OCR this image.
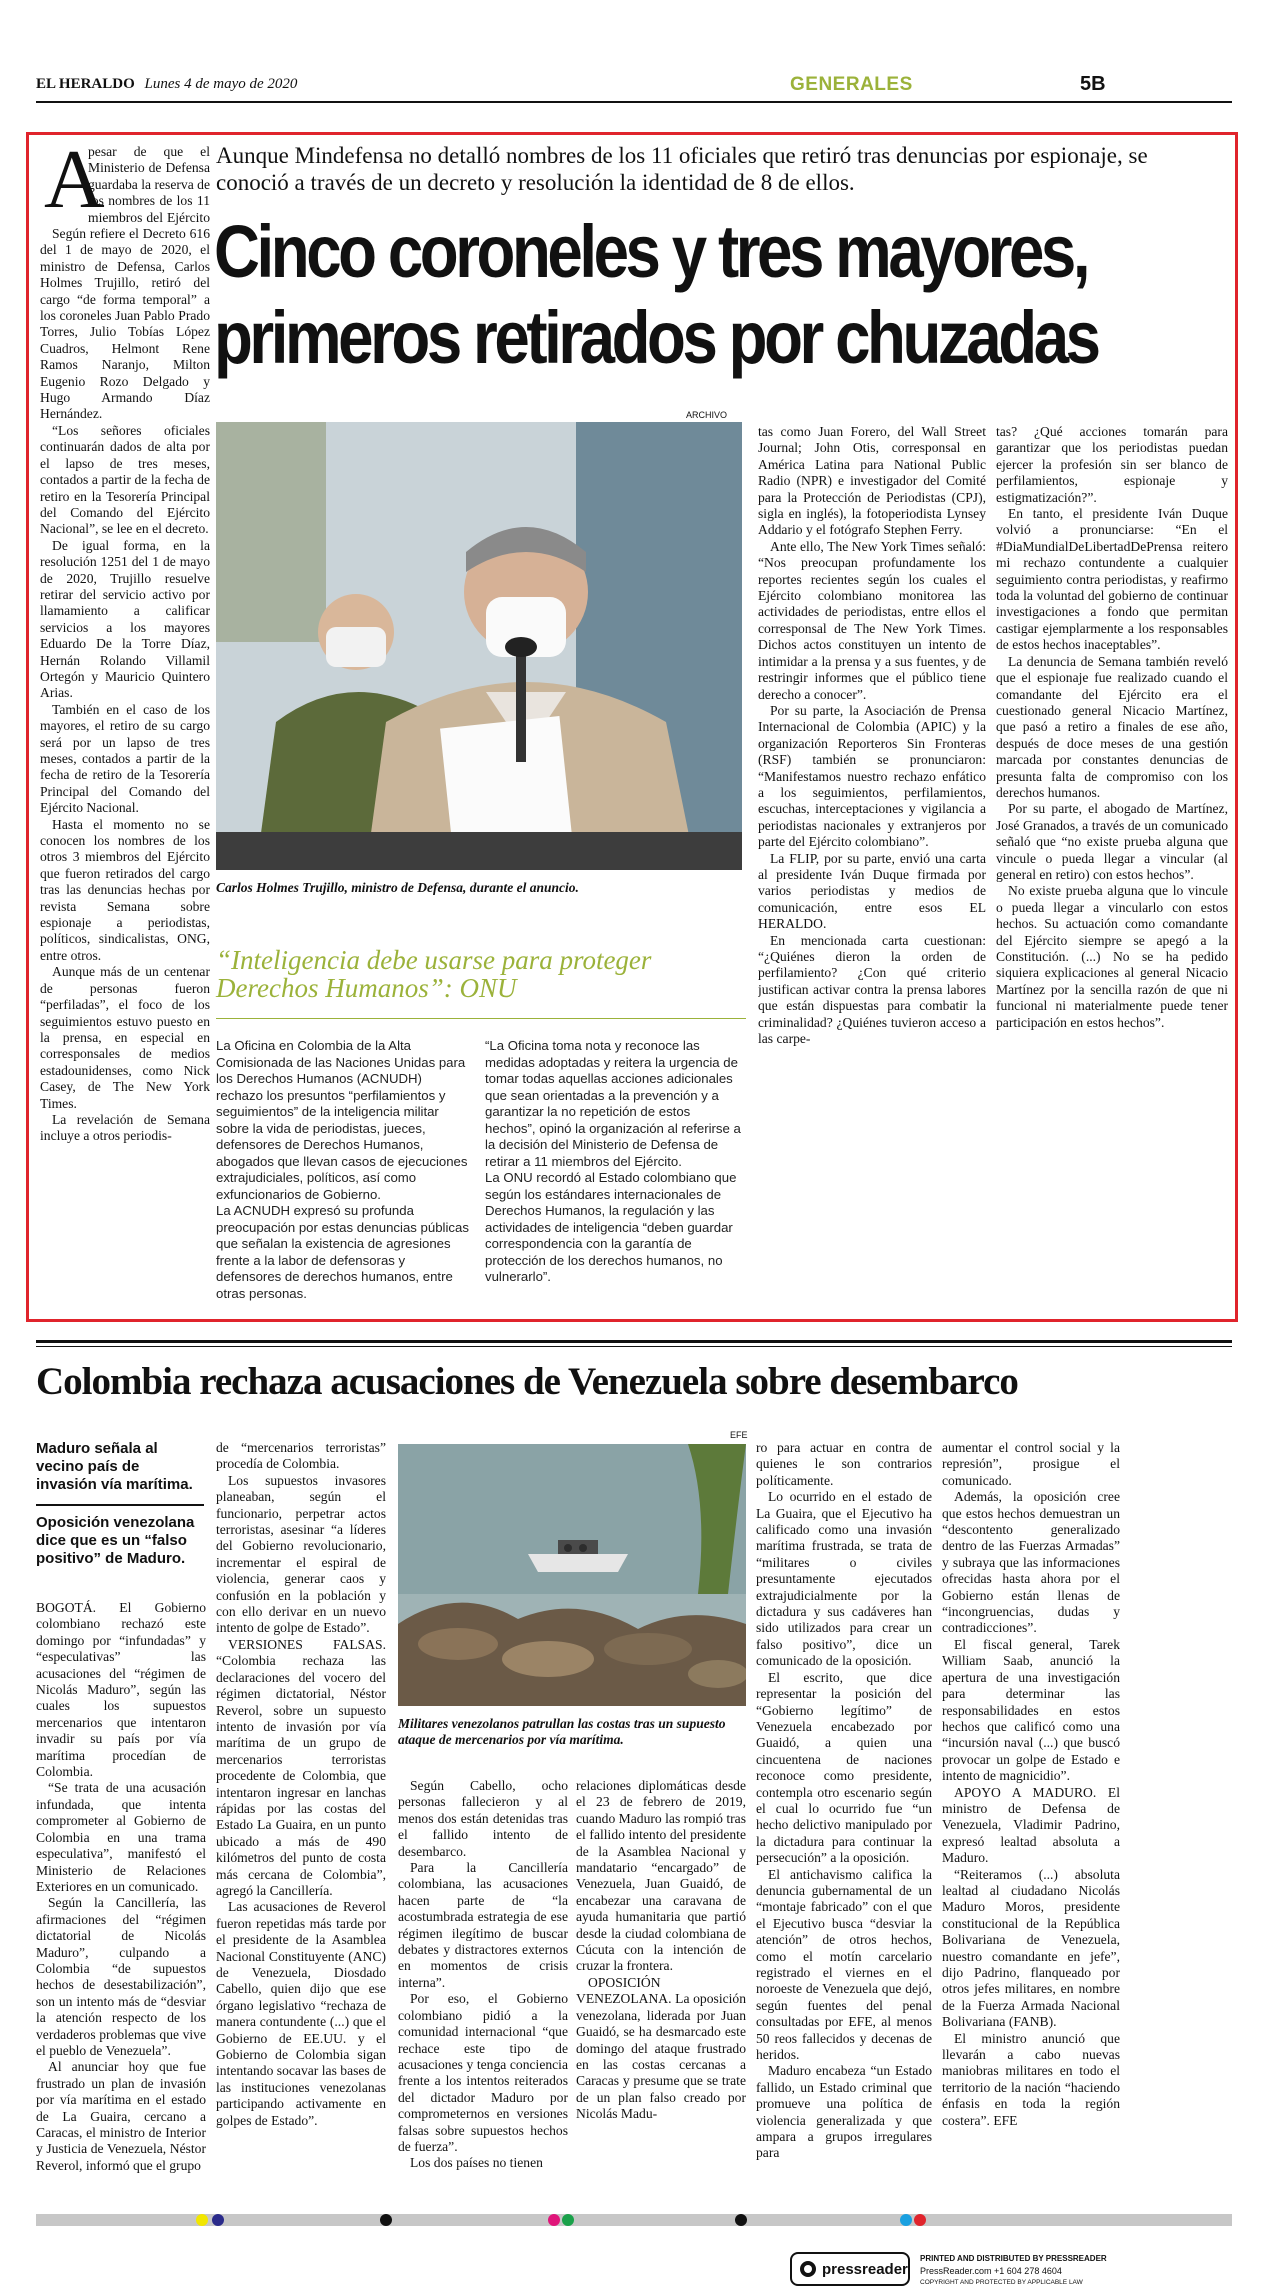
EL HERALDO Lunes 4 de mayo de 2020	GENERALES	5B
A

pesar de que el Ministerio de Defensa guardaba la reserva de los nombres de los 11 miembros del Ejército

Según refiere el Decreto 616 del 1 de mayo de 2020, el ministro de Defensa, Carlos Holmes Trujillo, retiró del cargo “de forma temporal” a los coroneles Juan Pablo Prado Torres, Julio Tobías López Cuadros, Helmont Rene Ramos Naranjo, Milton Eugenio Rozo Delgado y Hugo Armando Díaz Hernández.

“Los señores oficiales continuarán dados de alta por el lapso de tres meses, contados a partir de la fecha de retiro en la Tesorería Principal del Comando del Ejército Nacional”, se lee en el decreto.

De igual forma, en la resolución 1251 del 1 de mayo de 2020, Trujillo resuelve retirar del servicio activo por llamamiento a calificar servicios a los mayores Eduardo De la Torre Díaz, Hernán Rolando Villamil Ortegón y Mauricio Quintero Arias.

También en el caso de los mayores, el retiro de su cargo será por un lapso de tres meses, contados a partir de la fecha de retiro de la Tesorería Principal del Comando del Ejército Nacional.

Hasta el momento no se conocen los nombres de los otros 3 miembros del Ejército que fueron retirados del cargo tras las denuncias hechas por revista Semana sobre espionaje a periodistas, políticos, sindicalistas, ONG, entre otros.

Aunque más de un centenar de personas fueron “perfiladas”, el foco de los seguimientos estuvo puesto en la prensa, en especial en corresponsales de medios estadounidenses, como Nick Casey, de The New York Times.

La revelación de Semana incluye a otros periodis-

Aunque Mindefensa no detalló nombres de los 11 oficiales que retiró tras denuncias por espionaje, se conoció a través de un decreto y resolución la identidad de 8 de ellos.
Cinco coroneles y tres mayores,
primeros retirados por chuzadas
ARCHIVO
Carlos Holmes Trujillo, ministro de Defensa, durante el anuncio.
“Inteligencia debe usarse para proteger Derechos Humanos”: ONU

La Oficina en Colombia de la Alta Comisionada de las Naciones Unidas para los Derechos Humanos (ACNUDH) rechazo los presuntos “perfilamientos y seguimientos” de la inteligencia militar sobre la vida de periodistas, jueces, defensores de Derechos Humanos, abogados que llevan casos de ejecuciones extrajudiciales, políticos, así como exfuncionarios de Gobierno.

La ACNUDH expresó su profunda preocupación por estas denuncias públicas que señalan la existencia de agresiones frente a la labor de defensoras y defensores de derechos humanos, entre otras personas.

“La Oficina toma nota y reconoce las medidas adoptadas y reitera la urgencia de tomar todas aquellas acciones adicionales que sean orientadas a la prevención y a garantizar la no repetición de estos hechos”, opinó la organización al referirse a la decisión del Ministerio de Defensa de retirar a 11 miembros del Ejército.

La ONU recordó al Estado colombiano que según los estándares internacionales de Derechos Humanos, la regulación y las actividades de inteligencia “deben guardar correspondencia con la garantía de protección de los derechos humanos, no vulnerarlo”.

tas como Juan Forero, del Wall Street Journal; John Otis, corresponsal en América Latina para National Public Radio (NPR) e investigador del Comité para la Protección de Periodistas (CPJ), sigla en inglés), la fotoperiodista Lynsey Addario y el fotógrafo Stephen Ferry.

Ante ello, The New York Times señaló: “Nos preocupan profundamente los reportes recientes según los cuales el Ejército colombiano monitorea las actividades de periodistas, entre ellos el corresponsal de The New York Times. Dichos actos constituyen un intento de intimidar a la prensa y a sus fuentes, y de restringir informes que el público tiene derecho a conocer”.

Por su parte, la Asociación de Prensa Internacional de Colombia (APIC) y la organización Reporteros Sin Fronteras (RSF) también se pronunciaron: “Manifestamos nuestro rechazo enfático a los seguimientos, perfilamientos, escuchas, interceptaciones y vigilancia a periodistas nacionales y extranjeros por parte del Ejército colombiano”.

La FLIP, por su parte, envió una carta al presidente Iván Duque firmada por varios periodistas y medios de comunicación, entre esos EL HERALDO.

En mencionada carta cuestionan: “¿Quiénes dieron la orden de perfilamiento? ¿Con qué criterio justifican activar contra la prensa labores que están dispuestas para combatir la criminalidad? ¿Quiénes tuvieron acceso a las carpe-

tas? ¿Qué acciones tomarán para garantizar que los periodistas puedan ejercer la profesión sin ser blanco de perfilamientos, espionaje y estigmatización?”.

En tanto, el presidente Iván Duque volvió a pronunciarse: “En el #DiaMundialDeLibertadDePrensa reitero mi rechazo contundente a cualquier seguimiento contra periodistas, y reafirmo toda la voluntad del gobierno de continuar investigaciones a fondo que permitan castigar ejemplarmente a los responsables de estos hechos inaceptables”.

La denuncia de Semana también reveló que el espionaje fue realizado cuando el comandante del Ejército era el cuestionado general Nicacio Martínez, que pasó a retiro a finales de ese año, después de doce meses de una gestión marcada por constantes denuncias de presunta falta de compromiso con los derechos humanos.

Por su parte, el abogado de Martínez, José Granados, a través de un comunicado señaló que “no existe prueba alguna que vincule o pueda llegar a vincular (al general en retiro) con estos hechos”.

No existe prueba alguna que lo vincule o pueda llegar a vincularlo con estos hechos. Su actuación como comandante del Ejército siempre se apegó a la Constitución. (...) No se ha pedido siquiera explicaciones al general Nicacio Martínez por la sencilla razón de que ni funcional ni materialmente puede tener participación en estos hechos”.

Colombia rechaza acusaciones de Venezuela sobre desembarco
Maduro señala al vecino país de invasión vía marítima.
Oposición venezolana dice que es un “falso positivo” de Maduro.

BOGOTÁ. El Gobierno colombiano rechazó este domingo por “infundadas” y “especulativas” las acusaciones del “régimen de Nicolás Maduro”, según las cuales los supuestos mercenarios que intentaron invadir su país por vía marítima procedían de Colombia.

“Se trata de una acusación infundada, que intenta comprometer al Gobierno de Colombia en una trama especulativa”, manifestó el Ministerio de Relaciones Exteriores en un comunicado.

Según la Cancillería, las afirmaciones del “régimen dictatorial de Nicolás Maduro”, culpando a Colombia “de supuestos hechos de desestabilización”, son un intento más de “desviar la atención respecto de los verdaderos problemas que vive el pueblo de Venezuela”.

Al anunciar hoy que fue frustrado un plan de invasión por vía marítima en el estado de La Guaira, cercano a Caracas, el ministro de Interior y Justicia de Venezuela, Néstor Reverol, informó que el grupo

de “mercenarios terroristas” procedía de Colombia.

Los supuestos invasores planeaban, según el funcionario, perpetrar actos terroristas, asesinar “a líderes del Gobierno revolucionario, incrementar el espiral de violencia, generar caos y confusión en la población y con ello derivar en un nuevo intento de golpe de Estado”.

VERSIONES FALSAS. “Colombia rechaza las declaraciones del vocero del régimen dictatorial, Néstor Reverol, sobre un supuesto intento de invasión por vía marítima de un grupo de mercenarios terroristas procedente de Colombia, que intentaron ingresar en lanchas rápidas por las costas del Estado La Guaira, en un punto ubicado a más de 490 kilómetros del punto de costa más cercana de Colombia”, agregó la Cancillería.

Las acusaciones de Reverol fueron repetidas más tarde por el presidente de la Asamblea Nacional Constituyente (ANC) de Venezuela, Diosdado Cabello, quien dijo que ese órgano legislativo “rechaza de manera contundente (...) que el Gobierno de EE.UU. y el Gobierno de Colombia sigan intentando socavar las bases de las instituciones venezolanas participando activamente en golpes de Estado”.

EFE
Militares venezolanos patrullan las costas tras un supuesto ataque de mercenarios por vía marítima.

Según Cabello, ocho personas fallecieron y al menos dos están detenidas tras el fallido intento de desembarco.

Para la Cancillería colombiana, las acusaciones hacen parte de “la acostumbrada estrategia de ese régimen ilegítimo de buscar debates y distractores externos en momentos de crisis interna”.

Por eso, el Gobierno colombiano pidió a la comunidad internacional “que rechace este tipo de acusaciones y tenga conciencia frente a los intentos reiterados del dictador Maduro por comprometernos en versiones falsas sobre supuestos hechos de fuerza”.

Los dos países no tienen

relaciones diplomáticas desde el 23 de febrero de 2019, cuando Maduro las rompió tras el fallido intento del presidente de la Asamblea Nacional y mandatario “encargado” de Venezuela, Juan Guaidó, de encabezar una caravana de ayuda humanitaria que partió desde la ciudad colombiana de Cúcuta con la intención de cruzar la frontera.

OPOSICIÓN VENEZOLANA. La oposición venezolana, liderada por Juan Guaidó, se ha desmarcado este domingo del ataque frustrado en las costas cercanas a Caracas y presume que se trate de un plan falso creado por Nicolás Madu-

ro para actuar en contra de quienes le son contrarios políticamente.

Lo ocurrido en el estado de La Guaira, que el Ejecutivo ha calificado como una invasión marítima frustrada, se trata de “militares o civiles presuntamente ejecutados extrajudicialmente por la dictadura y sus cadáveres han sido utilizados para crear un falso positivo”, dice un comunicado de la oposición.

El escrito, que dice representar la posición del “Gobierno legítimo” de Venezuela encabezado por Guaidó, a quien una cincuentena de naciones reconoce como presidente, contempla otro escenario según el cual lo ocurrido fue “un hecho delictivo manipulado por la dictadura para continuar la persecución” a la oposición.

El antichavismo califica la denuncia gubernamental de un “montaje fabricado” con el que el Ejecutivo busca “desviar la atención” de otros hechos, como el motín carcelario registrado el viernes en el noroeste de Venezuela que dejó, según fuentes del penal consultadas por EFE, al menos 50 reos fallecidos y decenas de heridos.

Maduro encabeza “un Estado fallido, un Estado criminal que promueve una política de violencia generalizada y que ampara a grupos irregulares para

aumentar el control social y la represión”, prosigue el comunicado.

Además, la oposición cree que estos hechos demuestran un “descontento generalizado dentro de las Fuerzas Armadas” y subraya que las informaciones ofrecidas hasta ahora por el Gobierno están llenas de “incongruencias, dudas y contradicciones”.

El fiscal general, Tarek William Saab, anunció la apertura de una investigación para determinar las responsabilidades en estos hechos que calificó como una “incursión naval (...) que buscó provocar un golpe de Estado e intento de magnicidio”.

APOYO A MADURO. El ministro de Defensa de Venezuela, Vladimir Padrino, expresó lealtad absoluta a Maduro.

“Reiteramos (...) absoluta lealtad al ciudadano Nicolás Maduro Moros, presidente constitucional de la República Bolivariana de Venezuela, nuestro comandante en jefe”, dijo Padrino, flanqueado por otros jefes militares, en nombre de la Fuerza Armada Nacional Bolivariana (FANB).

El ministro anunció que llevarán a cabo nuevas maniobras militares en todo el territorio de la nación “haciendo énfasis en toda la región costera”. EFE

pressreader
PRINTED AND DISTRIBUTED BY PRESSREADER
PressReader.com +1 604 278 4604
COPYRIGHT AND PROTECTED BY APPLICABLE LAW
